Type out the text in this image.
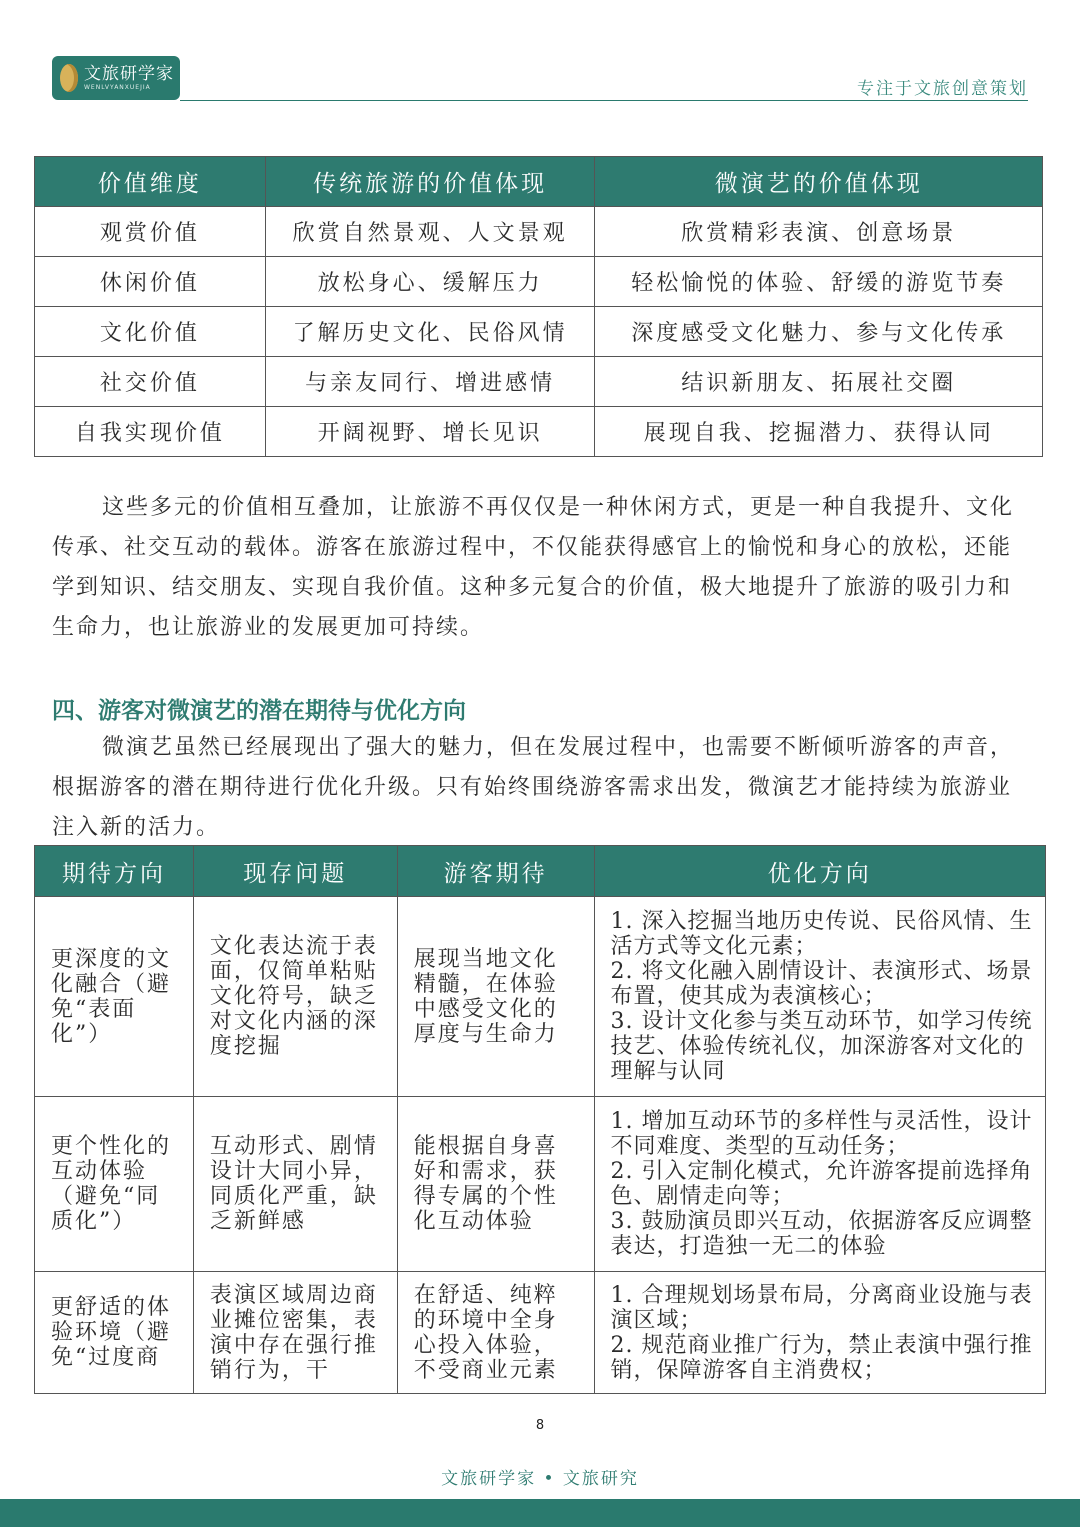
文旅研学家
WENLVYANXUEJIA	专注于文旅创意策划
价值维度	传统旅游的价值体现	微演艺的价值体现
观赏价值	欣赏自然景观、人文景观	欣赏精彩表演、创意场景
休闲价值	放松身心、缓解压力	轻松愉悦的体验、舒缓的游览节奏
文化价值	了解历史文化、民俗风情	深度感受文化魅力、参与文化传承
社交价值	与亲友同行、增进感情	结识新朋友、拓展社交圈
自我实现价值	开阔视野、增长见识	展现自我、挖掘潜力、获得认同

这些多元的价值相互叠加，让旅游不再仅仅是一种休闲方式，更是一种自我提升、文化传承、社交互动的载体。游客在旅游过程中，不仅能获得感官上的愉悦和身心的放松，还能学到知识、结交朋友、实现自我价值。这种多元复合的价值，极大地提升了旅游的吸引力和生命力，也让旅游业的发展更加可持续。

四、游客对微演艺的潜在期待与优化方向

微演艺虽然已经展现出了强大的魅力，但在发展过程中，也需要不断倾听游客的声音，根据游客的潜在期待进行优化升级。只有始终围绕游客需求出发，微演艺才能持续为旅游业注入新的活力。

期待方向	现存问题	游客期待	优化方向
更深度的文化融合（避免“表面化”）	文化表达流于表面，仅简单粘贴文化符号，缺乏对文化内涵的深度挖掘	展现当地文化精髓，在体验中感受文化的厚度与生命力	1. 深入挖掘当地历史传说、民俗风情、生活方式等文化元素；
2. 将文化融入剧情设计、表演形式、场景布置，使其成为表演核心；
3. 设计文化参与类互动环节，如学习传统技艺、体验传统礼仪，加深游客对文化的理解与认同

更个性化的互动体验（避免“同质化”）	互动形式、剧情设计大同小异，同质化严重，缺乏新鲜感	能根据自身喜好和需求，获得专属的个性化互动体验	1. 增加互动环节的多样性与灵活性，设计不同难度、类型的互动任务；
2. 引入定制化模式，允许游客提前选择角色、剧情走向等；
3. 鼓励演员即兴互动，依据游客反应调整表达，打造独一无二的体验

更舒适的体验环境（避免“过度商	表演区域周边商业摊位密集，表演中存在强行推销行为，干	在舒适、纯粹的环境中全身心投入体验，不受商业元素	1. 合理规划场景布局，分离商业设施与表演区域；
2. 规范商业推广行为，禁止表演中强行推销，保障游客自主消费权；
8
文旅研学家 • 文旅研究
